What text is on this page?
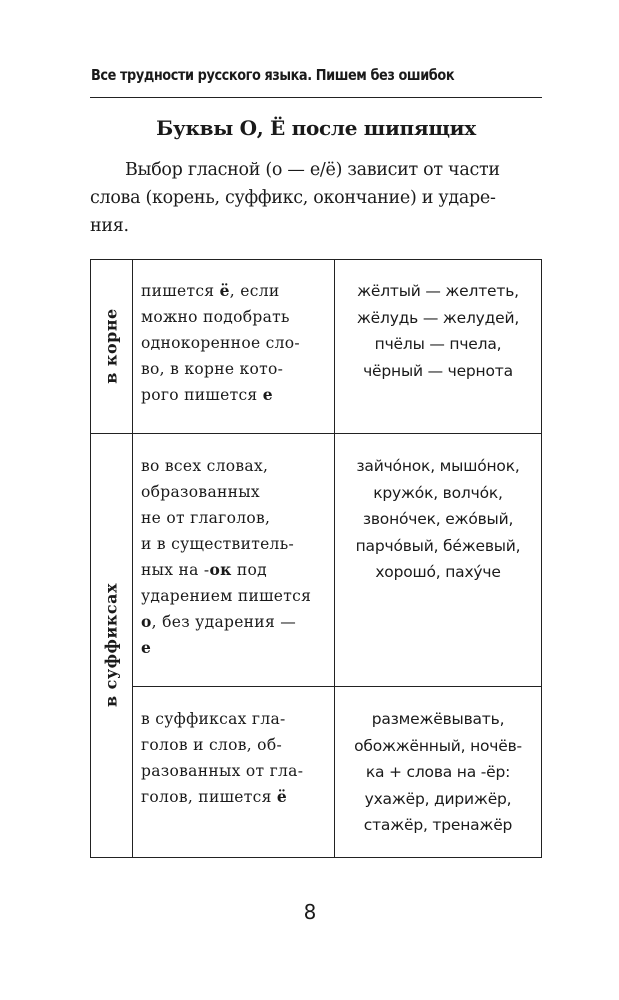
Все трудности русского языка. Пишем без ошибок
Буквы О, Ё после шипящих
Выбор гласной (о — е/ё) зависит от части
слова (корень, суффикс, окончание) и ударе-
ния.
в корне
в суффиксах
пишется ё, если
можно подобрать
однокоренное сло-
во, в корне кото-
рого пишется е
жёлтый — желтеть,
жёлудь — желудей,
пчёлы — пчела,
чёрный — чернота
во всех словах,
образованных
не от глаголов,
и в существитель-
ных на -ок под
ударением пишется
о, без ударения —
е
зайчóнок, мышóнок,
кружóк, волчóк,
звонóчек, ежóвый,
парчóвый, бéжевый,
хорошó, пахýче
в суффиксах гла-
голов и слов, об-
разованных от гла-
голов, пишется ё
размежёвывать,
обожжённый, ночёв-
ка + слова на -ёр:
ухажёр, дирижёр,
стажёр, тренажёр
8
